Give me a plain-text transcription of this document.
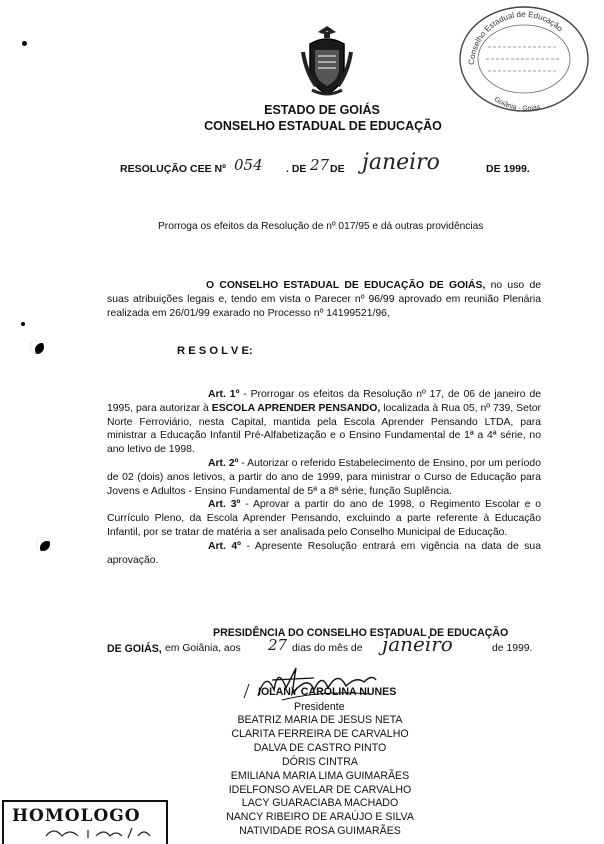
Conselho Estadual de Educação
Goiânia - Goiás
ESTADO DE GOIÁS
CONSELHO ESTADUAL DE EDUCAÇÃO
RESOLUÇÃO CEE Nº 054 . DE 27 DE janeiro	DE 1999.
Prorroga os efeitos da Resolução de nº 017/95 e dá outras providências
O CONSELHO ESTADUAL DE EDUCAÇÃO DE GOIÁS, no uso de suas atribuições legais e, tendo em vista o Parecer nº 96/99 aprovado em reunião Plenária realizada em 26/01/99 exarado no Processo nº 14199521/96,
R E S O L V E:
Art. 1º - Prorrogar os efeitos da Resolução nº 17, de 06 de janeiro de 1995, para autorizar à ESCOLA APRENDER PENSANDO, localizada à Rua 05, nº 739, Setor Norte Ferroviário, nesta Capital, mantida pela Escola Aprender Pensando LTDA, para ministrar a Educação Infantil Pré-Alfabetização e o Ensino Fundamental de 1ª a 4ª série, no ano letivo de 1998.
Art. 2º - Autorizar o referido Estabelecimento de Ensino, por um período de 02 (dois) anos letivos, a partir do ano de 1999, para ministrar o Curso de Educação para Jovens e Adultos - Ensino Fundamental de 5ª a 8ª série, função Suplência.
Art. 3º - Aprovar a partir do ano de 1998, o Regimento Escolar e o Currículo Pleno, da Escola Aprender Pensando, excluindo a parte referente à Educação Infantil, por se tratar de matéria a ser analisada pelo Conselho Municipal de Educação.
Art. 4º - Apresente Resolução entrará em vigência na data de sua aprovação.
PRESIDÊNCIA DO CONSELHO ESTADUAL DE EDUCAÇÃO
DE GOIÁS, em Goiânia, aos 27 dias do mês de janeiro	de 1999.
IOLANY CAROLINA NUNES
Presidente
BEATRIZ MARIA DE JESUS NETA
CLARITA FERREIRA DE CARVALHO
DALVA DE CASTRO PINTO
DÓRIS CINTRA
EMILIANA MARIA LIMA GUIMARÃES
IDELFONSO AVELAR DE CARVALHO
LACY GUARACIABA MACHADO
NANCY RIBEIRO DE ARAÚJO E SILVA
NATIVIDADE ROSA GUIMARÃES
HOMOLOGO
